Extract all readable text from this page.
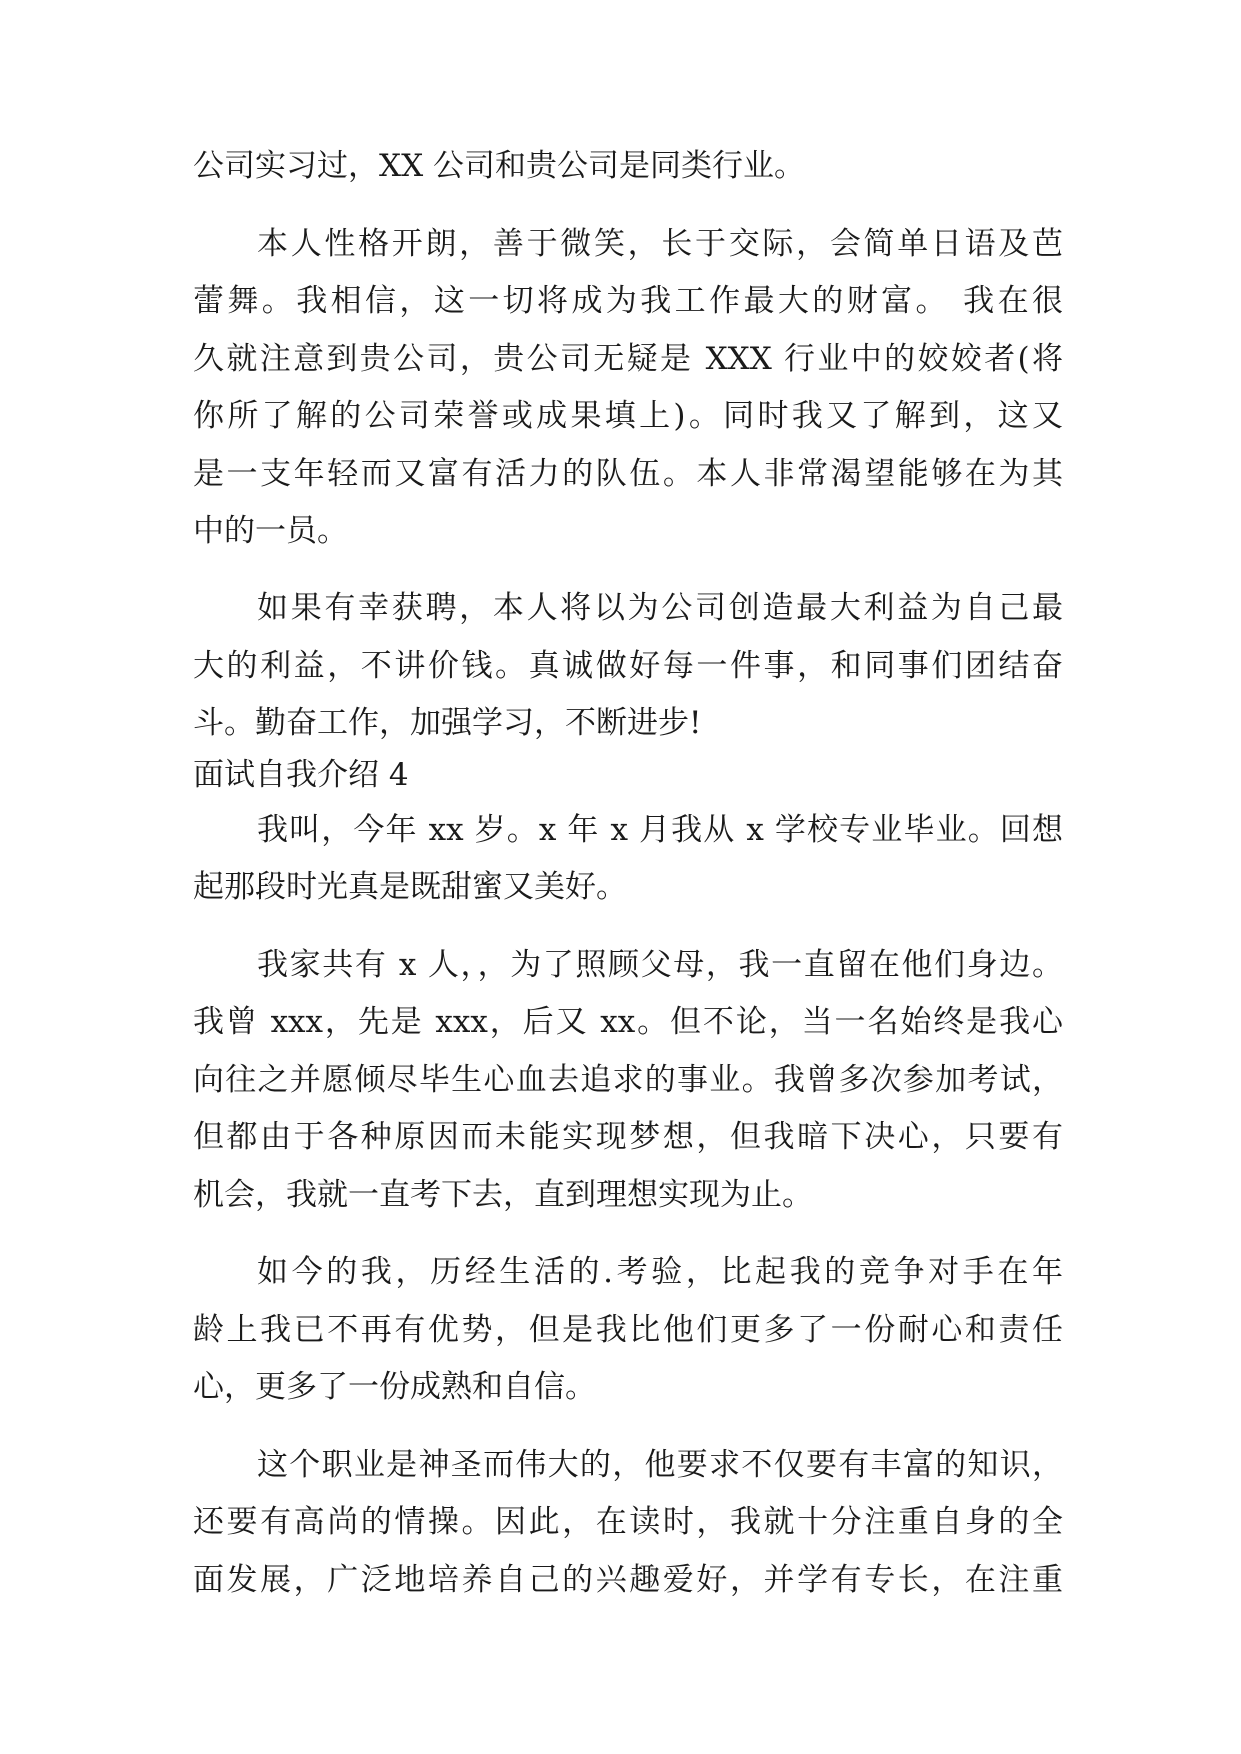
公司实习过，XX 公司和贵公司是同类行业。
本人性格开朗，善于微笑，长于交际，会简单日语及芭
蕾舞。我相信，这一切将成为我工作最大的财富。 我在很
久就注意到贵公司，贵公司无疑是 XXX 行业中的姣姣者(将
你所了解的公司荣誉或成果填上)。同时我又了解到，这又
是一支年轻而又富有活力的队伍。本人非常渴望能够在为其
中的一员。
如果有幸获聘，本人将以为公司创造最大利益为自己最
大的利益，不讲价钱。真诚做好每一件事，和同事们团结奋
斗。勤奋工作，加强学习，不断进步!
面试自我介绍 4
我叫，今年 xx 岁。x 年 x 月我从 x 学校专业毕业。回想
起那段时光真是既甜蜜又美好。
我家共有 x 人，，为了照顾父母，我一直留在他们身边。
我曾 xxx，先是 xxx，后又 xx。但不论，当一名始终是我心
向往之并愿倾尽毕生心血去追求的事业。我曾多次参加考试，
但都由于各种原因而未能实现梦想，但我暗下决心，只要有
机会，我就一直考下去，直到理想实现为止。
如今的我，历经生活的.考验，比起我的竞争对手在年
龄上我已不再有优势，但是我比他们更多了一份耐心和责任
心，更多了一份成熟和自信。
这个职业是神圣而伟大的，他要求不仅要有丰富的知识，
还要有高尚的情操。因此，在读时，我就十分注重自身的全
面发展，广泛地培养自己的兴趣爱好，并学有专长，在注重
